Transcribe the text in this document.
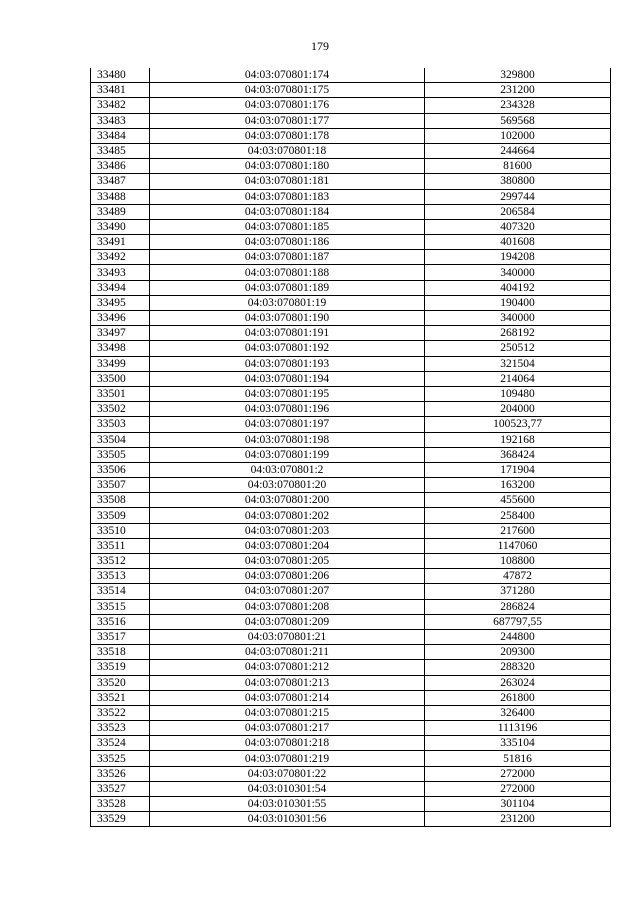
179
33480	04:03:070801:174	329800
33481	04:03:070801:175	231200
33482	04:03:070801:176	234328
33483	04:03:070801:177	569568
33484	04:03:070801:178	102000
33485	04:03:070801:18	244664
33486	04:03:070801:180	81600
33487	04:03:070801:181	380800
33488	04:03:070801:183	299744
33489	04:03:070801:184	206584
33490	04:03:070801:185	407320
33491	04:03:070801:186	401608
33492	04:03:070801:187	194208
33493	04:03:070801:188	340000
33494	04:03:070801:189	404192
33495	04:03:070801:19	190400
33496	04:03:070801:190	340000
33497	04:03:070801:191	268192
33498	04:03:070801:192	250512
33499	04:03:070801:193	321504
33500	04:03:070801:194	214064
33501	04:03:070801:195	109480
33502	04:03:070801:196	204000
33503	04:03:070801:197	100523,77
33504	04:03:070801:198	192168
33505	04:03:070801:199	368424
33506	04:03:070801:2	171904
33507	04:03:070801:20	163200
33508	04:03:070801:200	455600
33509	04:03:070801:202	258400
33510	04:03:070801:203	217600
33511	04:03:070801:204	1147060
33512	04:03:070801:205	108800
33513	04:03:070801:206	47872
33514	04:03:070801:207	371280
33515	04:03:070801:208	286824
33516	04:03:070801:209	687797,55
33517	04:03:070801:21	244800
33518	04:03:070801:211	209300
33519	04:03:070801:212	288320
33520	04:03:070801:213	263024
33521	04:03:070801:214	261800
33522	04:03:070801:215	326400
33523	04:03:070801:217	1113196
33524	04:03:070801:218	335104
33525	04:03:070801:219	51816
33526	04:03:070801:22	272000
33527	04:03:010301:54	272000
33528	04:03:010301:55	301104
33529	04:03:010301:56	231200
